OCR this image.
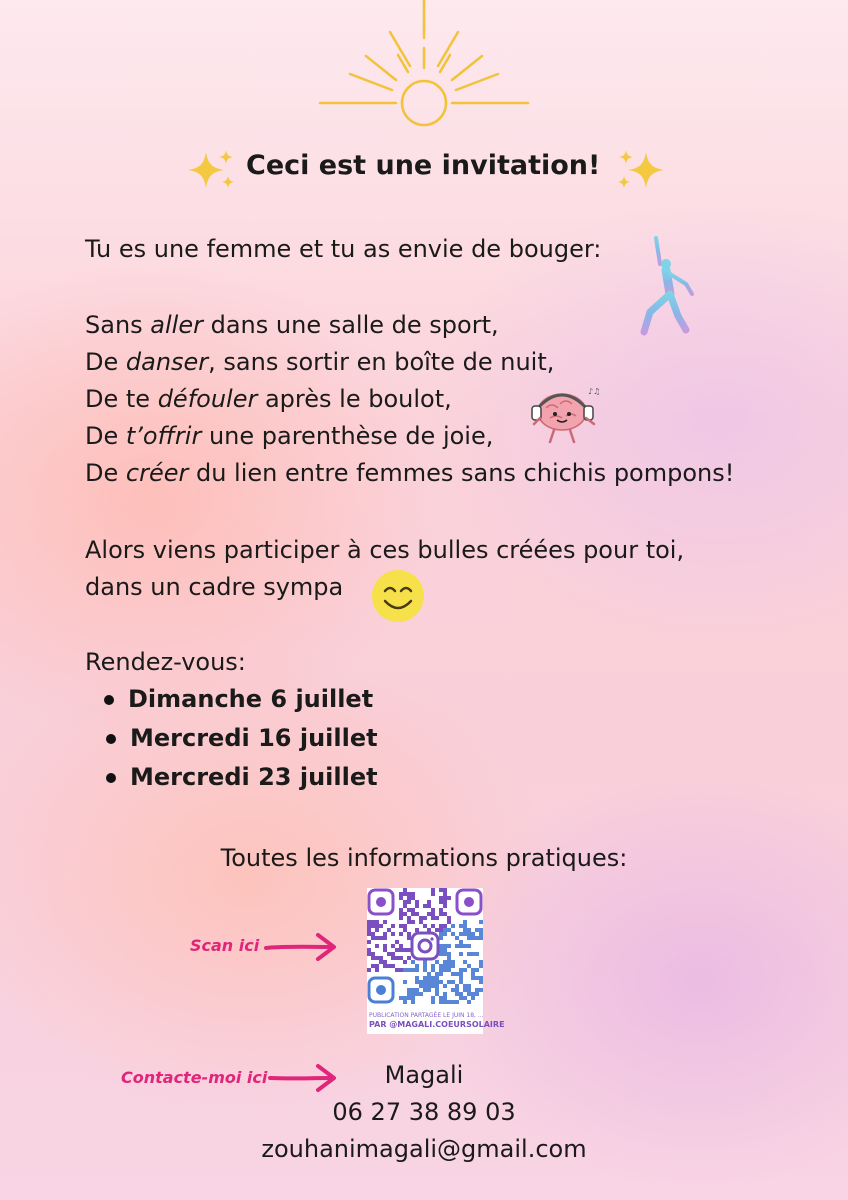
Ceci est une invitation!
Tu es une femme et tu as envie de bouger:
Sans aller dans une salle de sport,
De danser, sans sortir en boîte de nuit,
De te défouler après le boulot,
De t’offrir une parenthèse de joie,
De créer du lien entre femmes sans chichis pompons!
♪♫
Alors viens participer à ces bulles créées pour toi,
dans un cadre sympa
Rendez-vous:
Dimanche 6 juillet
Mercredi 16 juillet
Mercredi 23 juillet
Toutes les informations pratiques:
Scan ici
PUBLICATION PARTAGÉE LE JUIN 18, ...
PAR @MAGALI.COEURSOLAIRE
Contacte-moi ici	Magali
06 27 38 89 03
zouhanimagali@gmail.com
